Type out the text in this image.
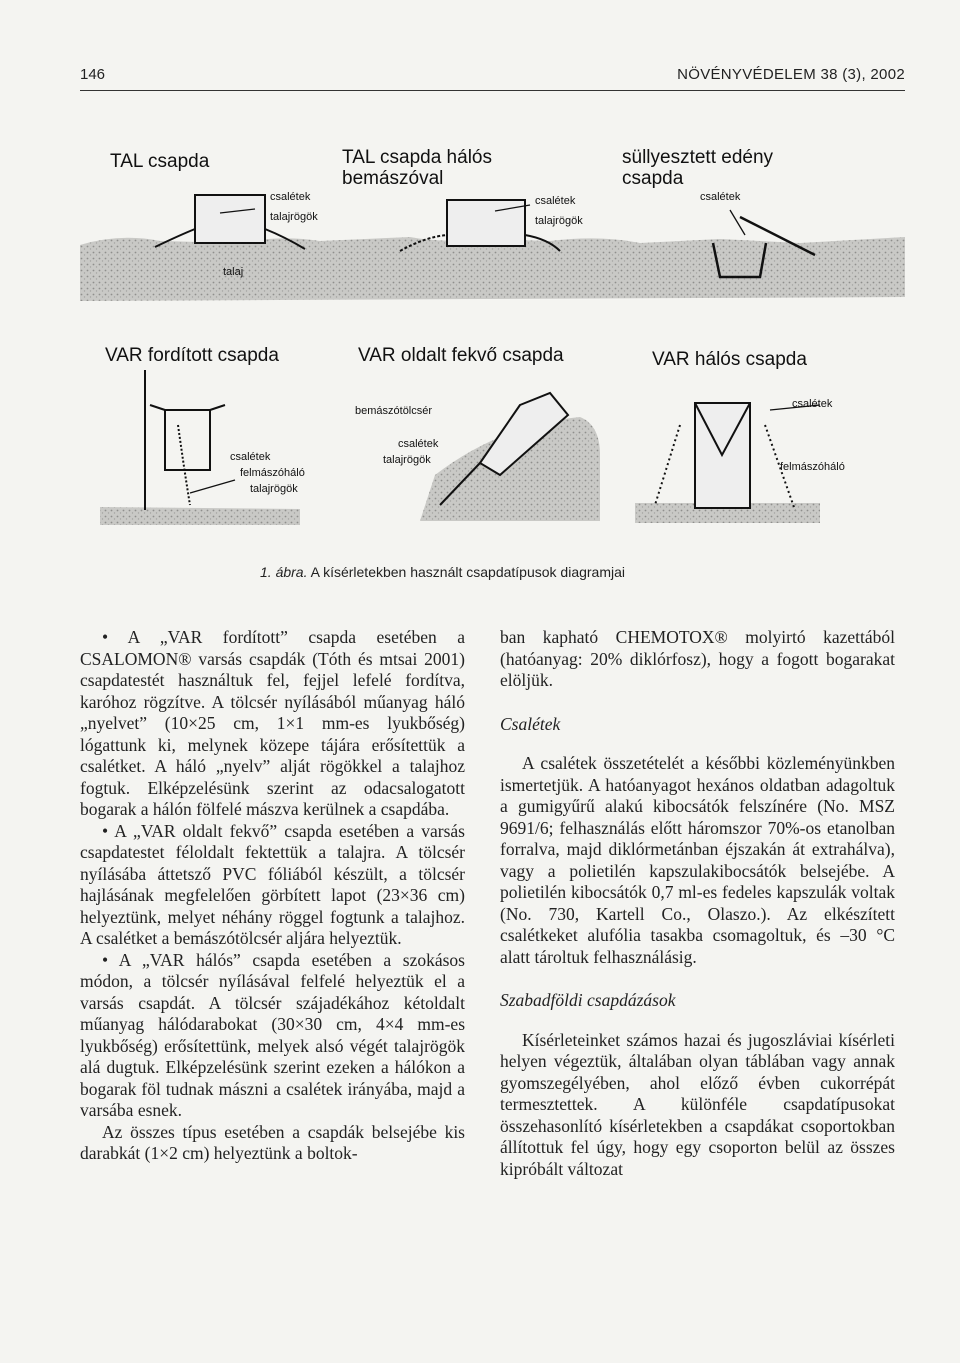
146	NÖVÉNYVÉDELEM 38 (3), 2002
TAL csapda	TAL csapda hálós
bemászóval
süllyesztett edény
csapda
VAR fordított csapda	VAR oldalt fekvő csapda	VAR hálós csapda
csalétek
talajrögök
talaj
csalétek
talajrögök
csalétek
csalétek
felmászóháló
talajrögök
bemászótölcsér
csalétek
talajrögök
csalétek
felmászóháló
1. ábra. A kísérletekben használt csapdatípusok diagramjai

• A „VAR fordított” csapda esetében a CSALOMON® varsás csapdák (Tóth és mtsai 2001) csapdatestét használtuk fel, fejjel lefelé fordítva, karóhoz rögzítve. A tölcsér nyílásából műanyag háló „nyelvet” (10×25 cm, 1×1 mm-es lyukbőség) lógattunk ki, melynek közepe tájára erősítettük a csalétket. A háló „nyelv” alját rögökkel a talajhoz fogtuk. Elképzelésünk szerint az odacsalogatott bogarak a hálón fölfelé mászva kerülnek a csapdába.

• A „VAR oldalt fekvő” csapda esetében a varsás csapdatestet féloldalt fektettük a talajra. A tölcsér nyílásába áttetsző PVC fóliából készült, a tölcsér hajlásának megfelelően görbített lapot (23×36 cm) helyeztünk, melyet néhány röggel fogtunk a talajhoz. A csalétket a bemászótölcsér aljára helyeztük.

• A „VAR hálós” csapda esetében a szokásos módon, a tölcsér nyílásával felfelé helyeztük el a varsás csapdát. A tölcsér szájadékához kétoldalt műanyag hálódarabokat (30×30 cm, 4×4 mm-es lyukbőség) erősítettünk, melyek alsó végét talajrögök alá dugtuk. Elképzelésünk szerint ezeken a hálókon a bogarak föl tudnak mászni a csalétek irányába, majd a varsába esnek.

Az összes típus esetében a csapdák belsejébe kis darabkát (1×2 cm) helyeztünk a boltok-

ban kapható CHEMOTOX® molyirtó kazettából (hatóanyag: 20% diklórfosz), hogy a fogott bogarakat elöljük.

Csalétek

A csalétek összetételét a későbbi közleményünkben ismertetjük. A hatóanyagot hexános oldatban adagoltuk a gumigyűrű alakú kibocsátók felszínére (No. MSZ 9691/6; felhasználás előtt háromszor 70%-os etanolban forralva, majd diklórmetánban éjszakán át extrahálva), vagy a polietilén kapszulakibocsátók belsejébe. A polietilén kibocsátók 0,7 ml-es fedeles kapszulák voltak (No. 730, Kartell Co., Olaszo.). Az elkészített csalétkeket alufólia tasakba csomagoltuk, és –30 °C alatt tároltuk felhasználásig.

Szabadföldi csapdázások

Kísérleteinket számos hazai és jugoszláviai kísérleti helyen végeztük, általában olyan táblában vagy annak gyomszegélyében, ahol előző évben cukorrépát termesztettek. A különféle csapdatípusokat összehasonlító kísérletekben a csapdákat csoportokban állítottuk fel úgy, hogy egy csoporton belül az összes kipróbált változat
